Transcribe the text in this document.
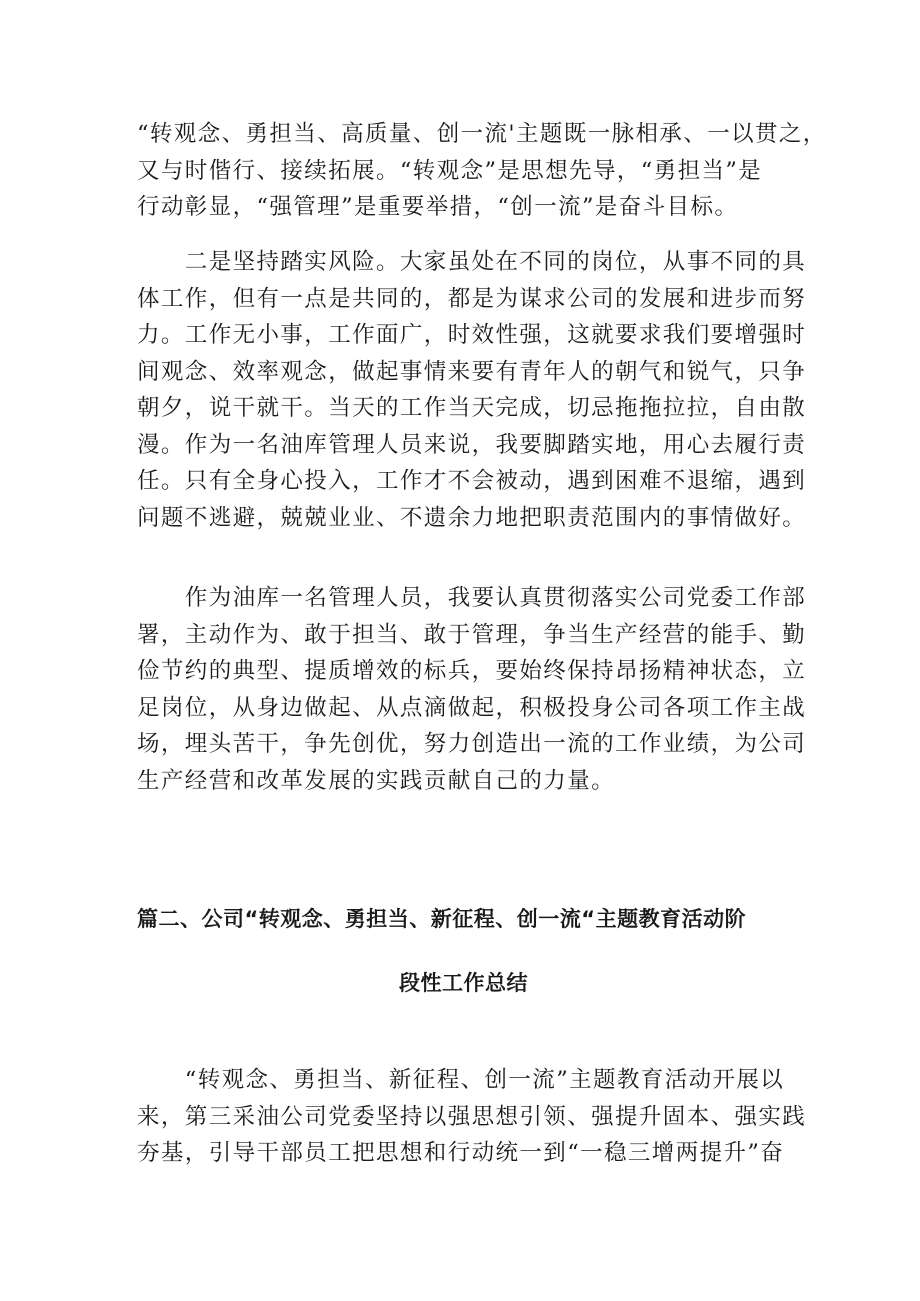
“转观念、勇担当、高质量、创一流'主题既一脉相承、一以贯之，
又与时偕行、接续拓展。“转观念”是思想先导，“勇担当”是
行动彰显，“强管理”是重要举措，“创一流”是奋斗目标。

　　二是坚持踏实风险。大家虽处在不同的岗位，从事不同的具
体工作，但有一点是共同的，都是为谋求公司的发展和进步而努
力。工作无小事，工作面广，时效性强，这就要求我们要增强时
间观念、效率观念，做起事情来要有青年人的朝气和锐气，只争
朝夕，说干就干。当天的工作当天完成，切忌拖拖拉拉，自由散
漫。作为一名油库管理人员来说，我要脚踏实地，用心去履行责
任。只有全身心投入，工作才不会被动，遇到困难不退缩，遇到
问题不逃避，兢兢业业、不遗余力地把职责范围内的事情做好。

　　作为油库一名管理人员，我要认真贯彻落实公司党委工作部
署，主动作为、敢于担当、敢于管理，争当生产经营的能手、勤
俭节约的典型、提质增效的标兵，要始终保持昂扬精神状态，立
足岗位，从身边做起、从点滴做起，积极投身公司各项工作主战
场，埋头苦干，争先创优，努力创造出一流的工作业绩，为公司
生产经营和改革发展的实践贡献自己的力量。

篇二、公司“转观念、勇担当、新征程、创一流“主题教育活动阶
段性工作总结

　　“转观念、勇担当、新征程、创一流”主题教育活动开展以
来，第三采油公司党委坚持以强思想引领、强提升固本、强实践
夯基，引导干部员工把思想和行动统一到“一稳三增两提升”奋
